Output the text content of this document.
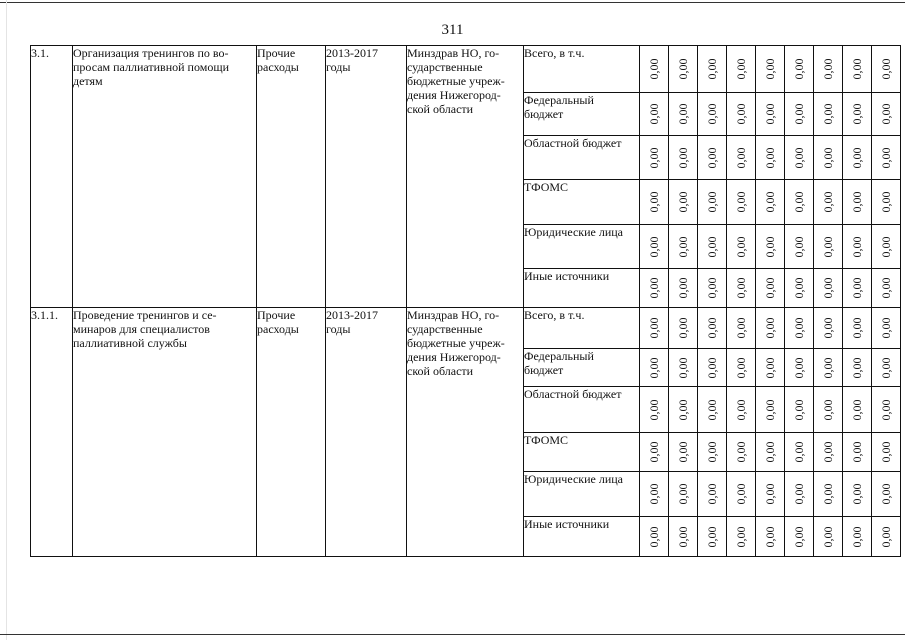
311
3.1.	Организация тренингов по во-
просам паллиативной помощи
детям	Прочие
расходы	2013-2017
годы	Минздрав НО, го-
сударственные
бюджетные учреж-
дения Нижегород-
ской области	Всего, в т.ч.	0,00	0,00	0,00	0,00	0,00	0,00	0,00	0,00	0,00

					Федеральный
бюджет	0,00	0,00	0,00	0,00	0,00	0,00	0,00	0,00	0,00

					Областной бюджет	0,00	0,00	0,00	0,00	0,00	0,00	0,00	0,00	0,00

					ТФОМС	0,00	0,00	0,00	0,00	0,00	0,00	0,00	0,00	0,00

					Юридические лица	0,00	0,00	0,00	0,00	0,00	0,00	0,00	0,00	0,00

					Иные источники	0,00	0,00	0,00	0,00	0,00	0,00	0,00	0,00	0,00

3.1.1.	Проведение тренингов и се-
минаров для специалистов
паллиативной службы	Прочие
расходы	2013-2017
годы	Минздрав НО, го-
сударственные
бюджетные учреж-
дения Нижегород-
ской области	Всего, в т.ч.	0,00	0,00	0,00	0,00	0,00	0,00	0,00	0,00	0,00

					Федеральный
бюджет	0,00	0,00	0,00	0,00	0,00	0,00	0,00	0,00	0,00

					Областной бюджет	0,00	0,00	0,00	0,00	0,00	0,00	0,00	0,00	0,00

					ТФОМС	0,00	0,00	0,00	0,00	0,00	0,00	0,00	0,00	0,00

					Юридические лица	0,00	0,00	0,00	0,00	0,00	0,00	0,00	0,00	0,00

					Иные источники	0,00	0,00	0,00	0,00	0,00	0,00	0,00	0,00	0,00
